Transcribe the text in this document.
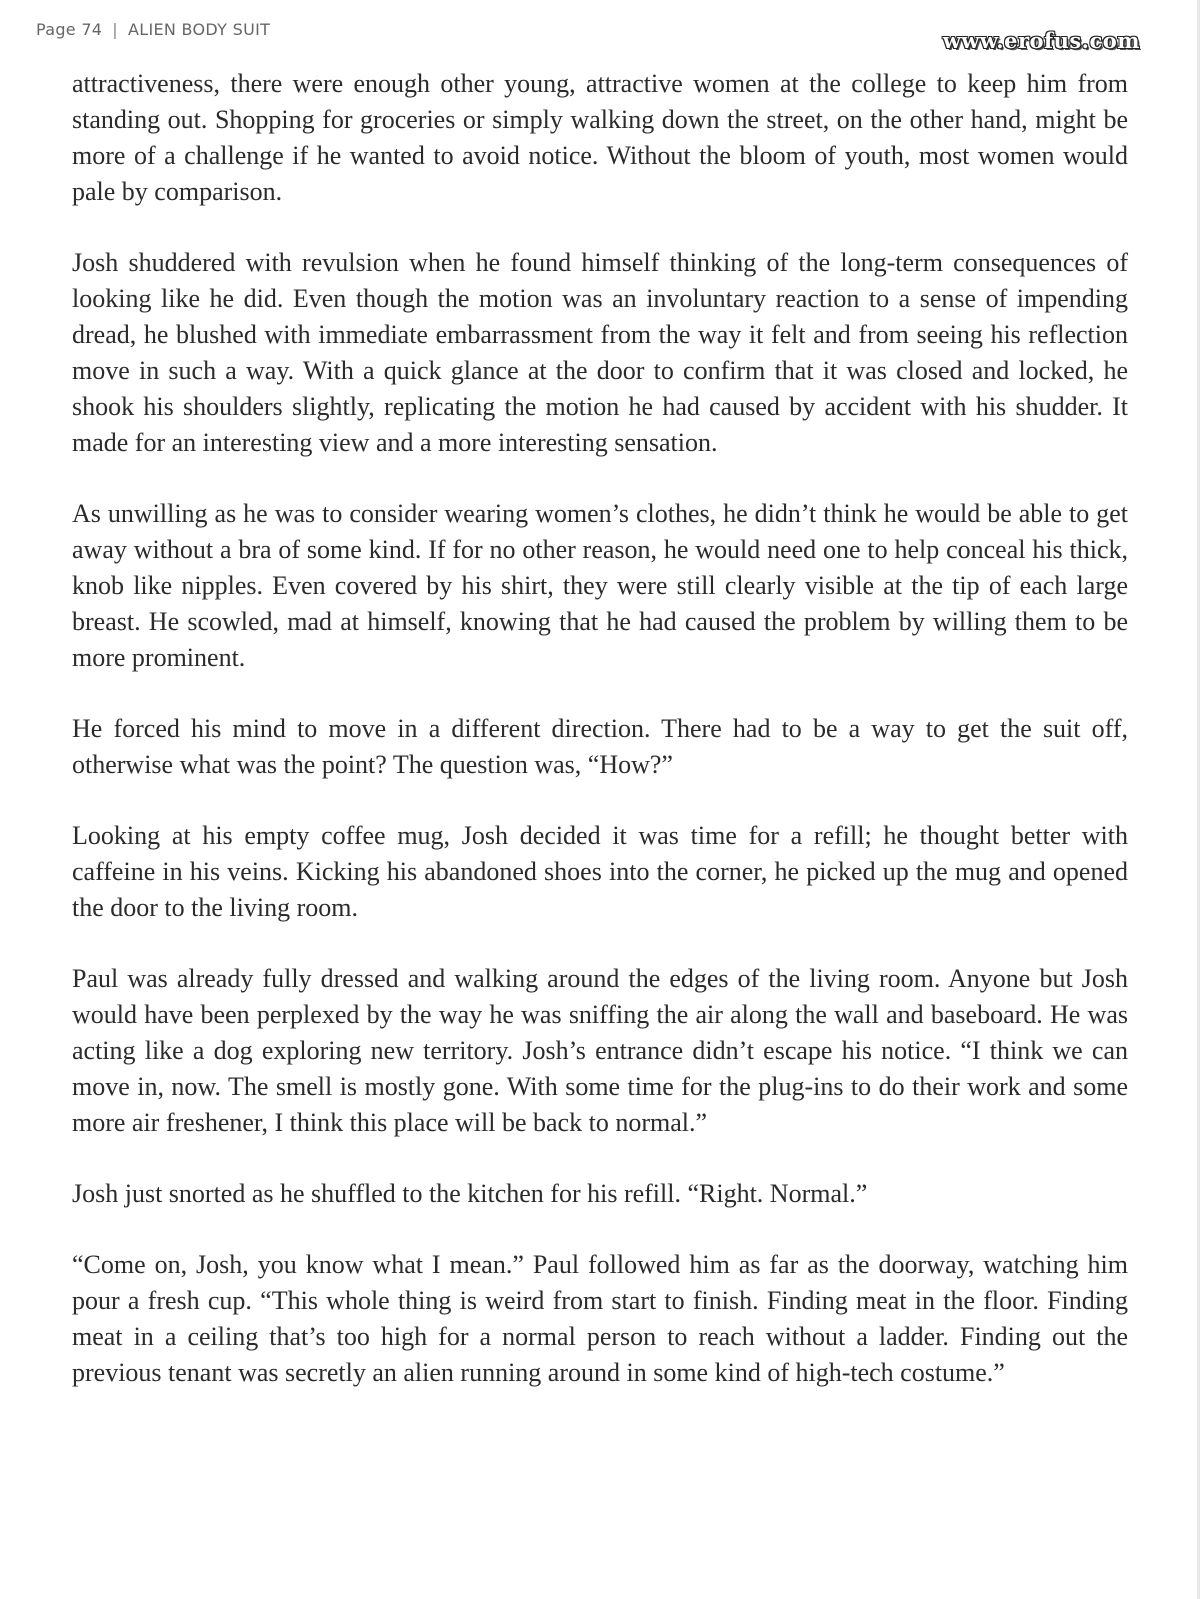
Page 74 | ALIEN BODY SUIT	www.erofus.com

attractiveness, there were enough other young, attractive women at the college to keep him from standing out. Shopping for groceries or simply walking down the street, on the other hand, might be more of a challenge if he wanted to avoid notice. Without the bloom of youth, most women would pale by comparison.

Josh shuddered with revulsion when he found himself thinking of the long-term consequences of looking like he did. Even though the motion was an involuntary reaction to a sense of impending dread, he blushed with immediate embarrassment from the way it felt and from seeing his reflection move in such a way. With a quick glance at the door to confirm that it was closed and locked, he shook his shoulders slightly, replicating the motion he had caused by accident with his shudder. It made for an interesting view and a more interesting sensation.

As unwilling as he was to consider wearing women’s clothes, he didn’t think he would be able to get away without a bra of some kind. If for no other reason, he would need one to help conceal his thick, knob like nipples. Even covered by his shirt, they were still clearly visible at the tip of each large breast. He scowled, mad at himself, knowing that he had caused the problem by willing them to be more prominent.

He forced his mind to move in a different direction. There had to be a way to get the suit off, otherwise what was the point? The question was, “How?”

Looking at his empty coffee mug, Josh decided it was time for a refill; he thought better with caffeine in his veins. Kicking his abandoned shoes into the corner, he picked up the mug and opened the door to the living room.

Paul was already fully dressed and walking around the edges of the living room. Anyone but Josh would have been perplexed by the way he was sniffing the air along the wall and baseboard. He was acting like a dog exploring new territory. Josh’s entrance didn’t escape his notice. “I think we can move in, now. The smell is mostly gone. With some time for the plug-ins to do their work and some more air freshener, I think this place will be back to normal.”

Josh just snorted as he shuffled to the kitchen for his refill. “Right. Normal.”

“Come on, Josh, you know what I mean.” Paul followed him as far as the doorway, watching him pour a fresh cup. “This whole thing is weird from start to finish. Finding meat in the floor. Finding meat in a ceiling that’s too high for a normal person to reach without a ladder. Finding out the previous tenant was secretly an alien running around in some kind of high-tech costume.”
